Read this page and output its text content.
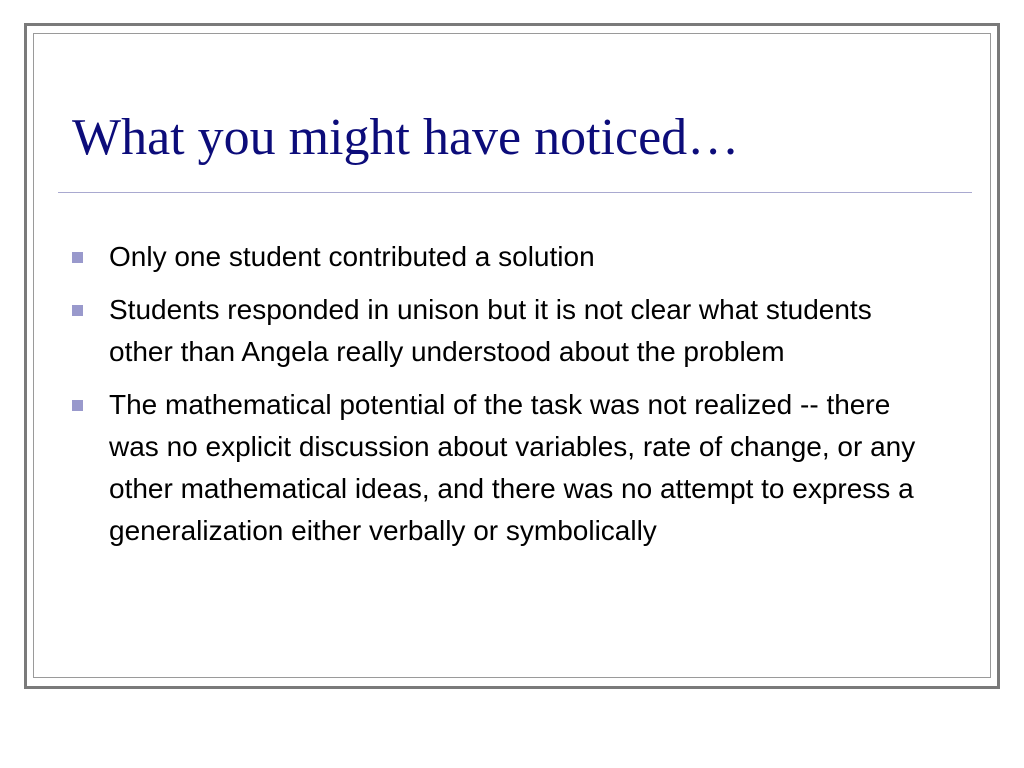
What you might have noticed…
Only one student contributed a solution
Students responded in unison but it is not clear what students other than Angela really understood about the problem
The mathematical potential of the task was not realized -- there was no explicit discussion about variables, rate of change, or any other mathematical ideas, and there was no attempt to express a generalization either verbally or symbolically
